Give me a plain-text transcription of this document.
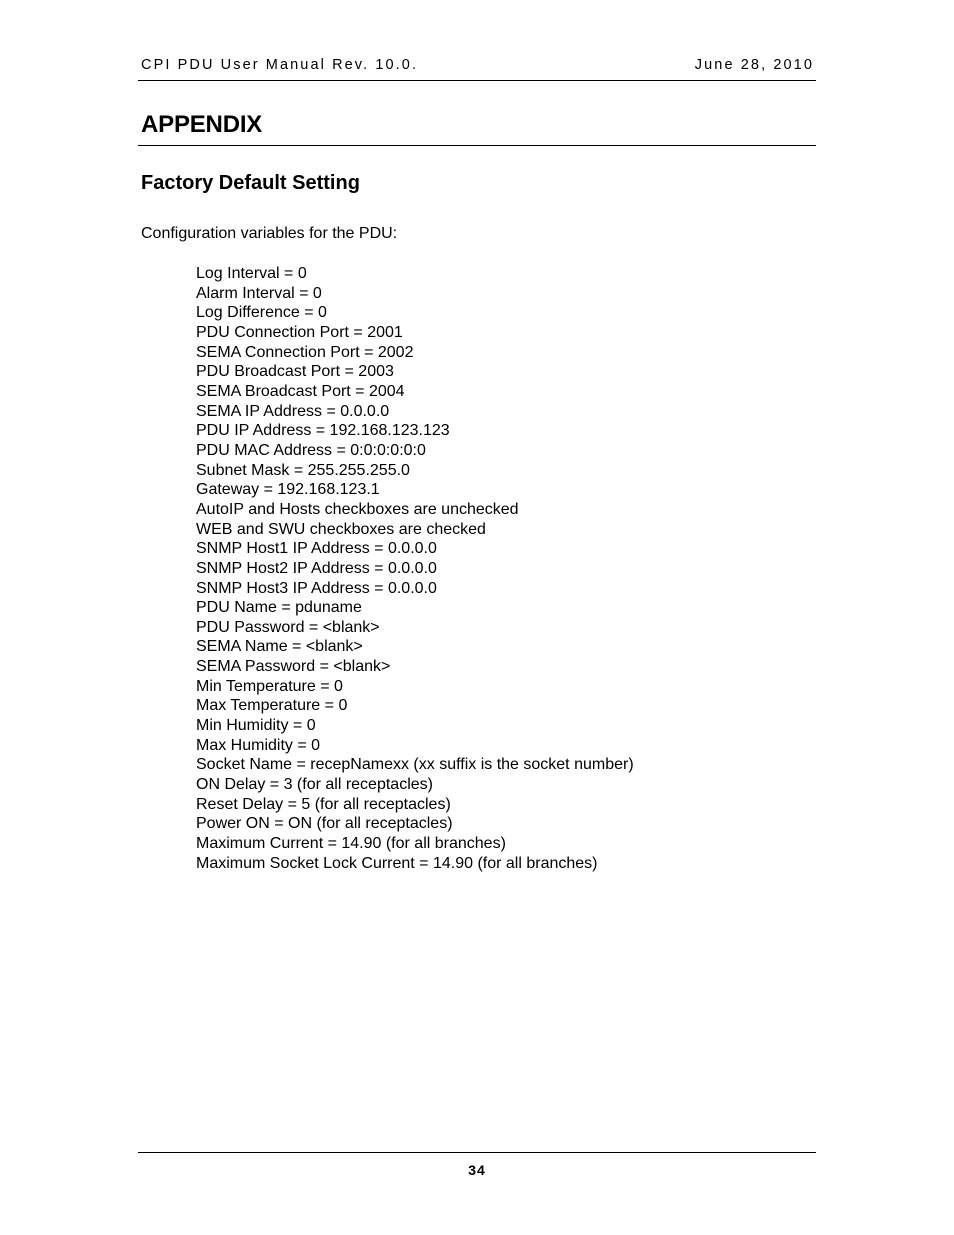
CPI PDU User Manual Rev. 10.0.	June 28, 2010
APPENDIX
Factory Default Setting
Configuration variables for the PDU:
Log Interval = 0
Alarm Interval = 0
Log Difference = 0
PDU Connection Port = 2001
SEMA Connection Port = 2002
PDU Broadcast Port = 2003
SEMA Broadcast Port = 2004
SEMA IP Address = 0.0.0.0
PDU IP Address = 192.168.123.123
PDU MAC Address = 0:0:0:0:0:0
Subnet Mask = 255.255.255.0
Gateway = 192.168.123.1
AutoIP and Hosts checkboxes are unchecked
WEB and SWU checkboxes are checked
SNMP Host1 IP Address = 0.0.0.0
SNMP Host2 IP Address = 0.0.0.0
SNMP Host3 IP Address = 0.0.0.0
PDU Name = pduname
PDU Password = <blank>
SEMA Name = <blank>
SEMA Password = <blank>
Min Temperature = 0
Max Temperature = 0
Min Humidity = 0
Max Humidity = 0
Socket Name = recepNamexx (xx suffix is the socket number)
ON Delay = 3 (for all receptacles)
Reset Delay = 5 (for all receptacles)
Power ON = ON (for all receptacles)
Maximum Current = 14.90 (for all branches)
Maximum Socket Lock Current = 14.90 (for all branches)
34
